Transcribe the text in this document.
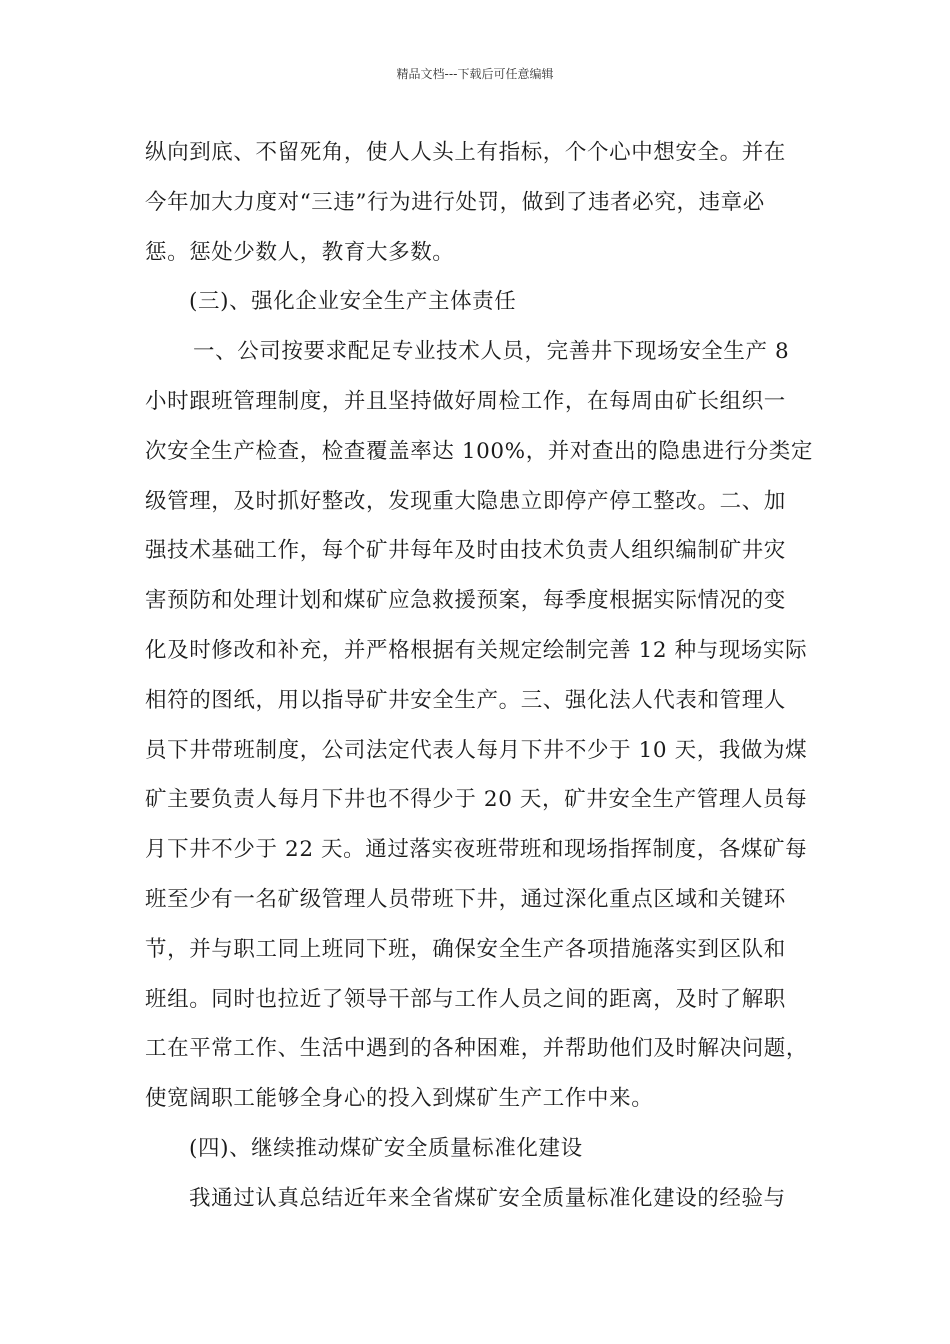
精品文档---下载后可任意编辑
纵向到底、不留死角，使人人头上有指标，个个心中想安全。并在
今年加大力度对“三违”行为进行处罚，做到了违者必究，违章必
惩。惩处少数人，教育大多数。
(三)、强化企业安全生产主体责任
一、公司按要求配足专业技术人员，完善井下现场安全生产 8
小时跟班管理制度，并且坚持做好周检工作，在每周由矿长组织一
次安全生产检查，检查覆盖率达 100%，并对查出的隐患进行分类定
级管理，及时抓好整改，发现重大隐患立即停产停工整改。二、加
强技术基础工作，每个矿井每年及时由技术负责人组织编制矿井灾
害预防和处理计划和煤矿应急救援预案，每季度根据实际情况的变
化及时修改和补充，并严格根据有关规定绘制完善 12 种与现场实际
相符的图纸，用以指导矿井安全生产。三、强化法人代表和管理人
员下井带班制度，公司法定代表人每月下井不少于 10 天，我做为煤
矿主要负责人每月下井也不得少于 20 天，矿井安全生产管理人员每
月下井不少于 22 天。通过落实夜班带班和现场指挥制度，各煤矿每
班至少有一名矿级管理人员带班下井，通过深化重点区域和关键环
节，并与职工同上班同下班，确保安全生产各项措施落实到区队和
班组。同时也拉近了领导干部与工作人员之间的距离，及时了解职
工在平常工作、生活中遇到的各种困难，并帮助他们及时解决问题，
使宽阔职工能够全身心的投入到煤矿生产工作中来。
(四)、继续推动煤矿安全质量标准化建设
我通过认真总结近年来全省煤矿安全质量标准化建设的经验与
